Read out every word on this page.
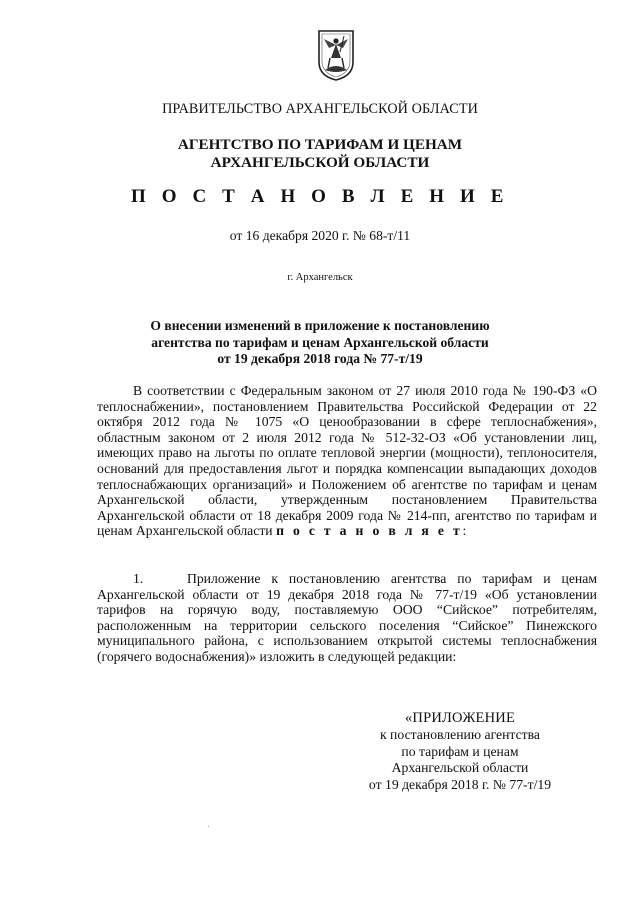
ПРАВИТЕЛЬСТВО АРХАНГЕЛЬСКОЙ ОБЛАСТИ
АГЕНТСТВО ПО ТАРИФАМ И ЦЕНАМ
АРХАНГЕЛЬСКОЙ ОБЛАСТИ
П О С Т А Н О В Л Е Н И Е
от 16 декабря 2020 г. № 68-т/11
г. Архангельск
О внесении изменений в приложение к постановлению
агентства по тарифам и ценам Архангельской области
от 19 декабря 2018 года № 77-т/19

В соответствии с Федеральным законом от 27 июля 2010 года № 190-ФЗ «О теплоснабжении», постановлением Правительства Российской Федерации от 22 октября 2012 года № 1075 «О ценообразовании в сфере теплоснабжения», областным законом от 2 июля 2012 года № 512-32-ОЗ «Об установлении лиц, имеющих право на льготы по оплате тепловой энергии (мощности), теплоносителя, оснований для предоставления льгот и порядка компенсации выпадающих доходов теплоснабжающих организаций» и Положением об агентстве по тарифам и ценам Архангельской области, утвержденным постановлением Правительства Архангельской области от 18 декабря 2009 года № 214-пп, агентство по тарифам и ценам Архангельской области п о с т а н о в л я е т:

1.    Приложение к постановлению агентства по тарифам и ценам Архангельской области от 19 декабря 2018 года № 77-т/19 «Об установлении тарифов на горячую воду, поставляемую ООО “Сийское” потребителям, расположенным на территории сельского поселения “Сийское” Пинежского муниципального района, с использованием открытой системы теплоснабжения (горячего водоснабжения)» изложить в следующей редакции:

«ПРИЛОЖЕНИЕ
к постановлению агентства
по тарифам и ценам
Архангельской области
от 19 декабря 2018 г. № 77-т/19
